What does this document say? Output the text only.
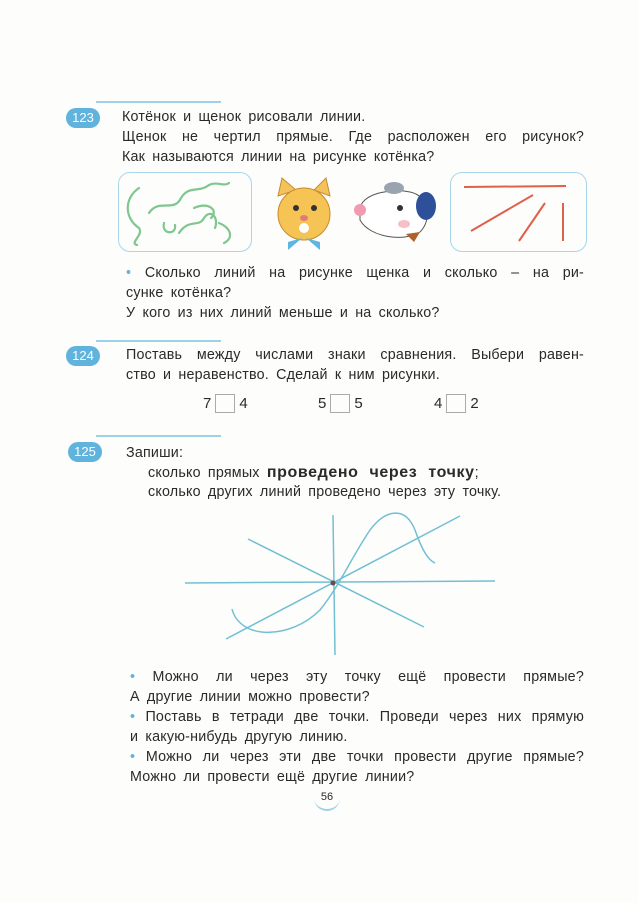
123	Котёнок и щенок рисовали линии.
Щенок не чертил прямые. Где расположен его рисунок?
Как называются линии на рисунке котёнка?
• Сколько линий на рисунке щенка и сколько – на ри-
сунке котёнка?
У кого из них линий меньше и на сколько?
124	Поставь между числами знаки сравнения. Выбери равен-
ство и неравенство. Сделай к ним рисунки.
7 4	5 5	4 2
125	Запиши:
сколько прямых проведено через точку;
сколько других линий проведено через эту точку.
• Можно ли через эту точку ещё провести прямые?
А другие линии можно провести?
• Поставь в тетради две точки. Проведи через них прямую
и какую-нибудь другую линию.
• Можно ли через эти две точки провести другие прямые?
Можно ли провести ещё другие линии?
56
